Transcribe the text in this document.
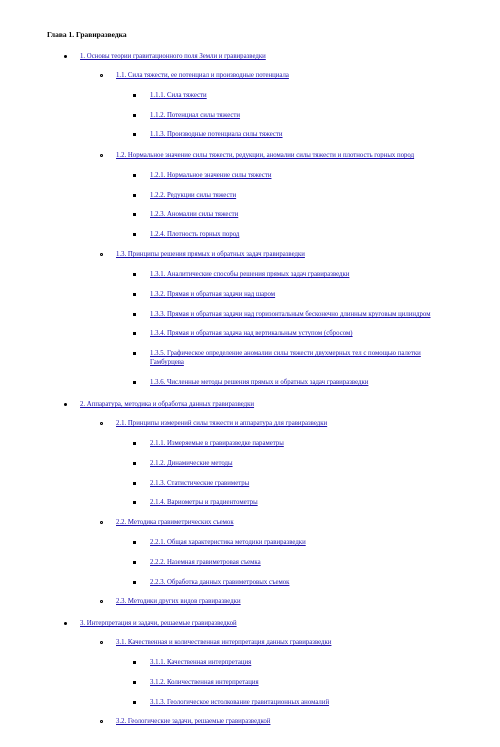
Глава 1. Гравиразведка
1. Основы теории гравитационного поля Земли и гравиразведки
1.1. Сила тяжести, ее потенциал и производные потенциала
1.1.1. Сила тяжести
1.1.2. Потенциал силы тяжести
1.1.3. Производные потенциала силы тяжести
1.2. Нормальное значение силы тяжести, редукции, аномалии силы тяжести и плотность горных пород
1.2.1. Нормальное значение силы тяжести
1.2.2. Редукции силы тяжести
1.2.3. Аномалии силы тяжести
1.2.4. Плотность горных пород
1.3. Принципы решения прямых и обратных задач гравиразведки
1.3.1. Аналитические способы решения прямых задач гравиразведки
1.3.2. Прямая и обратная задачи над шаром
1.3.3. Прямая и обратная задачи над горизонтальным бесконечно длинным круговым цилиндром
1.3.4. Прямая и обратная задача над вертикальным уступом (сбросом)
1.3.5. Графическое определение аномалии силы тяжести двухмерных тел с помощью палетки
Гамбурцева
1.3.6. Численные методы решения прямых и обратных задач гравиразведки
2. Аппаратура, методика и обработка данных гравиразведки
2.1. Принципы измерений силы тяжести и аппаратура для гравиразведки
2.1.1. Измеряемые в гравиразведке параметры
2.1.2. Динамические методы
2.1.3. Статистические гравиметры
2.1.4. Вариометры и градиентометры
2.2. Методика гравиметрических съемок
2.2.1. Общая характеристика методики гравиразведки
2.2.2. Наземная гравиметровая съемка
2.2.3. Обработка данных гравиметровых съемок
2.3. Методики других видов гравиразведки
3. Интерпретация и задачи, решаемые гравиразведкой
3.1. Качественная и количественная интерпретация данных гравиразведки
3.1.1. Качественная интерпретация
3.1.2. Количественная интерпретация
3.1.3. Геологическое истолкование гравитационных аномалий
3.2. Геологические задачи, решаемые гравиразведкой
